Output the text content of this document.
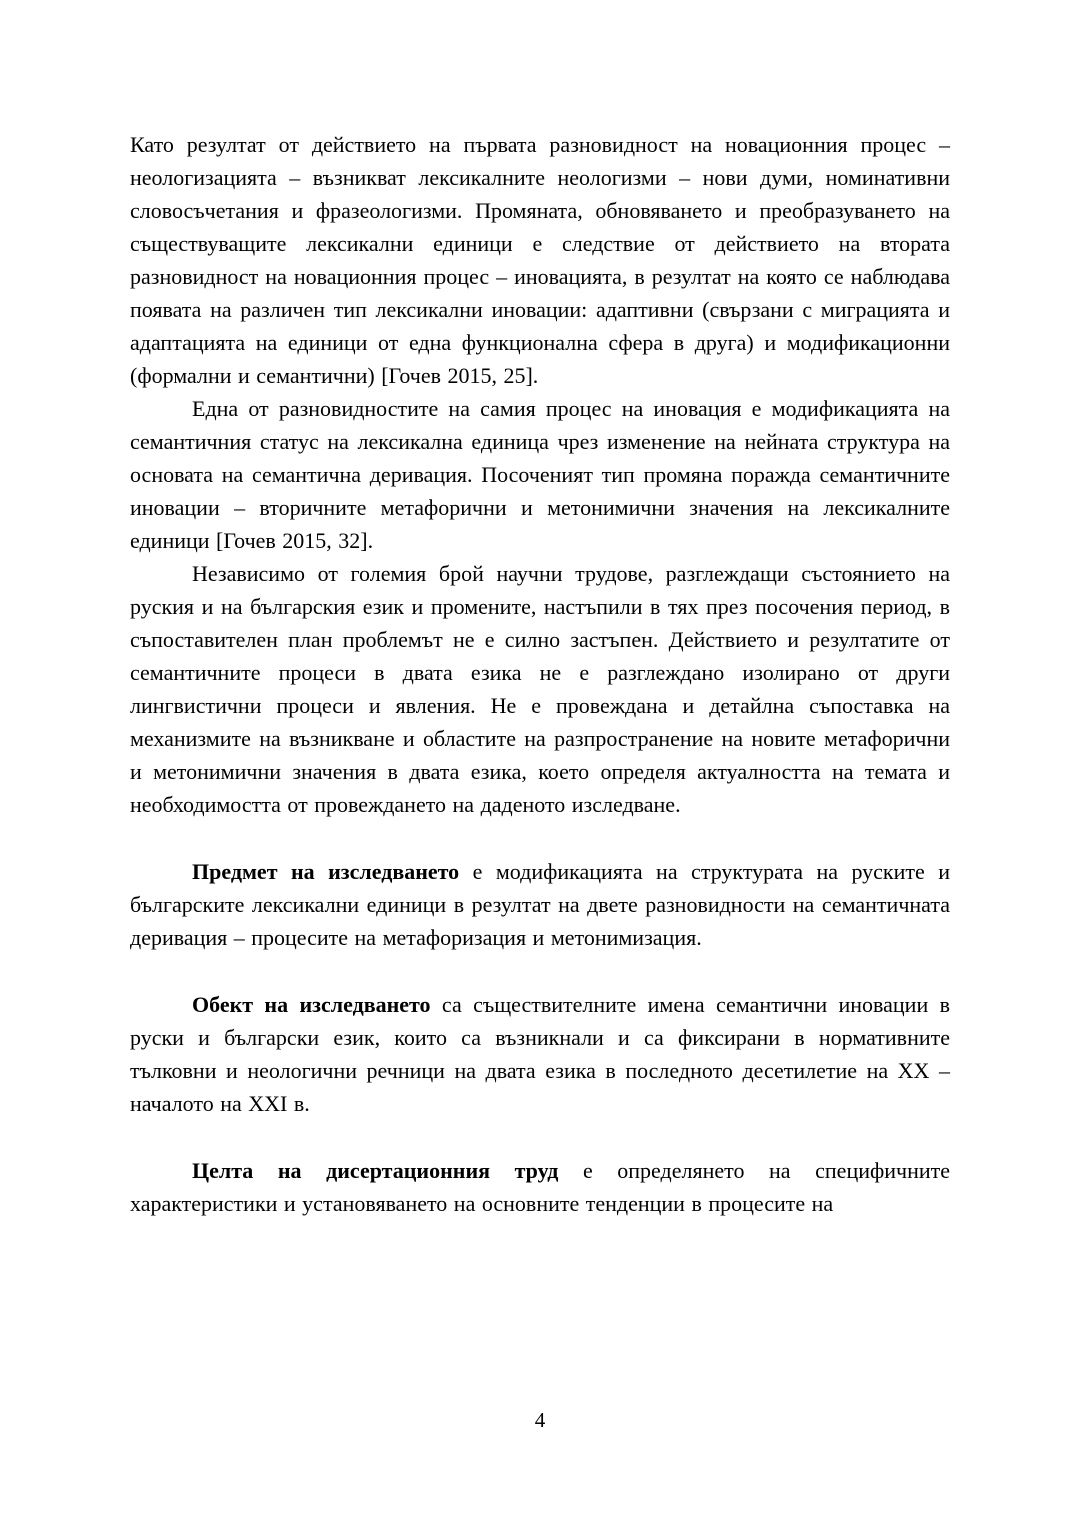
Като резултат от действието на първата разновидност на новационния процес – неологизацията – възникват лексикалните неологизми – нови думи, номинативни словосъчетания и фразеологизми. Промяната, обновяването и преобразуването на съществуващите лексикални единици е следствие от действието на втората разновидност на новационния процес – иновацията, в резултат на която се наблюдава появата на различен тип лексикални иновации: адаптивни (свързани с миграцията и адаптацията на единици от една функционална сфера в друга) и модификационни (формални и семантични) [Гочев 2015, 25].

Една от разновидностите на самия процес на иновация е модификацията на семантичния статус на лексикална единица чрез изменение на нейната структура на основата на семантична деривация. Посоченият тип промяна поражда семантичните иновации – вторичните метафорични и метонимични значения на лексикалните единици [Гочев 2015, 32].

Независимо от големия брой научни трудове, разглеждащи състоянието на руския и на българския език и промените, настъпили в тях през посочения период, в съпоставителен план проблемът не е силно застъпен. Действието и резултатите от семантичните процеси в двата езика не е разглеждано изолирано от други лингвистични процеси и явления. Не е провеждана и детайлна съпоставка на механизмите на възникване и областите на разпространение на новите метафорични и метонимични значения в двата езика, което определя актуалността на темата и необходимостта от провеждането на даденото изследване.

Предмет на изследването е модификацията на структурата на руските и българските лексикални единици в резултат на двете разновидности на семантичната деривация – процесите на метафоризация и метонимизация.

Обект на изследването са съществителните имена семантични иновации в руски и български език, които са възникнали и са фиксирани в нормативните тълковни и неологични речници на двата езика в последното десетилетие на XX – началото на XXI в.

Целта на дисертационния труд е определянето на специфичните характеристики и установяването на основните тенденции в процесите на

4
